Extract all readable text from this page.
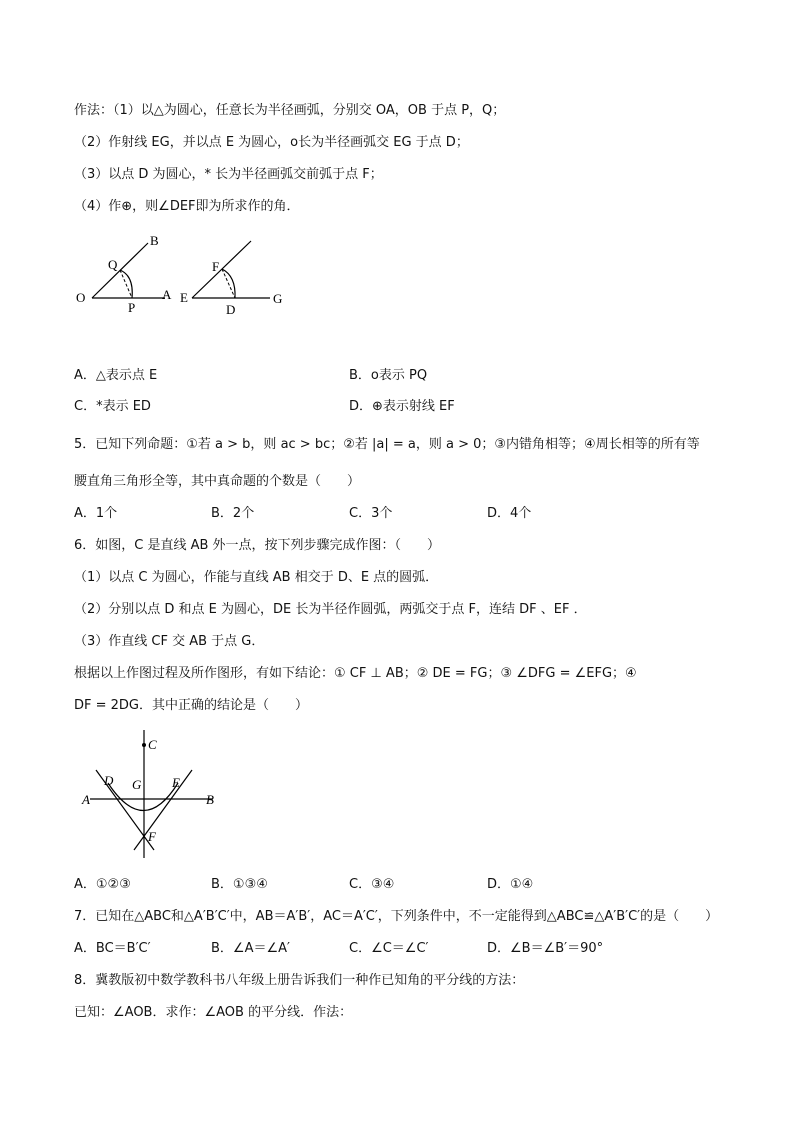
作法：（1）以△为圆心，任意长为半径画弧，分别交 OA，OB 于点 P，Q；
（2）作射线 EG，并以点 E 为圆心，o长为半径画弧交 EG 于点 D；
（3）以点 D 为圆心，* 长为半径画弧交前弧于点 F；
（4）作⊕，则∠DEF即为所求作的角．
O	A
B
Q
P
E
F
D
G
A．△表示点 E	B．o表示 PQ
C．*表示 ED	D．⊕表示射线 EF
5．已知下列命题：①若 a > b，则 ac > bc；②若 |a| = a，则 a > 0；③内错角相等；④周长相等的所有等
腰直角三角形全等，其中真命题的个数是（　　）
A．1个	B．2个	C．3个	D．4个
6．如图，C 是直线 AB 外一点，按下列步骤完成作图：（　　）
（1）以点 C 为圆心，作能与直线 AB 相交于 D、E 点的圆弧．
（2）分别以点 D 和点 E 为圆心，DE 长为半径作圆弧，两弧交于点 F，连结 DF 、EF ．
（3）作直线 CF 交 AB 于点 G．
根据以上作图过程及所作图形，有如下结论：① CF ⊥ AB；② DE = FG；③ ∠DFG = ∠EFG；④
DF = 2DG．其中正确的结论是（　　）
C
D G E
A	B
F
A．①②③	B．①③④	C．③④	D．①④
7．已知在△ABC和△A′B′C′中，AB＝A′B′，AC＝A′C′，下列条件中，不一定能得到△ABC≌△A′B′C′的是（　　）
A．BC＝B′C′	B．∠A＝∠A′	C．∠C＝∠C′	D．∠B＝∠B′＝90°
8．冀教版初中数学教科书八年级上册告诉我们一种作已知角的平分线的方法：
已知：∠AOB．求作：∠AOB 的平分线．作法：
